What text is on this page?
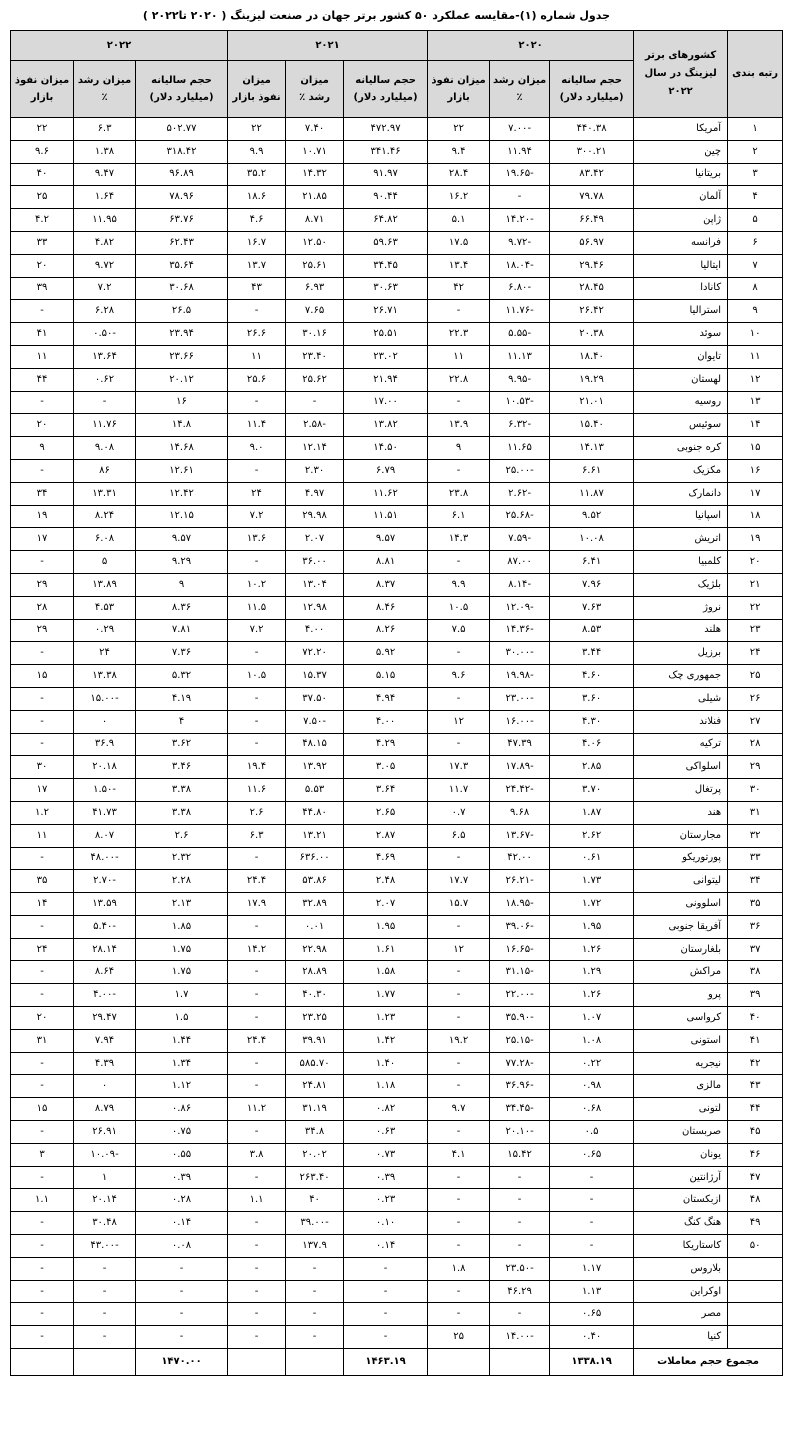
جدول شماره (۱)-مقایسه عملکرد ۵۰ کشور برتر جهان در صنعت لیزینگ ( ۲۰۲۰ تا۲۰۲۲ )
رتبه بندی	کشورهای برتر لیزینگ در سال ۲۰۲۲	۲۰۲۰			۲۰۲۱			۲۰۲۲		
		حجم سالیانه (میلیارد دلار)	میزان رشد ٪	میزان نفوذ بازار	حجم سالیانه (میلیارد دلار)	میزان رشد ٪	میزان نفوذ بازار	حجم سالیانه (میلیارد دلار)	میزان رشد ٪	میزان نفوذ بازار
۱	آمریکا	۴۴۰.۳۸	-۷.۰۰	۲۲	۴۷۲.۹۷	۷.۴۰	۲۲	۵۰۲.۷۷	۶.۳	۲۲
۲	چین	۳۰۰.۲۱	۱۱.۹۴	۹.۴	۳۴۱.۴۶	۱۰.۷۱	۹.۹	۳۱۸.۴۲	۱.۳۸	۹.۶
۳	بریتانیا	۸۳.۴۲	-۱۹.۶۵	۲۸.۴	۹۱.۹۷	۱۴.۳۲	۳۵.۲	۹۶.۸۹	۹.۴۷	۴۰
۴	آلمان	۷۹.۷۸	-	۱۶.۲	۹۰.۴۴	۲۱.۸۵	۱۸.۶	۷۸.۹۶	۱.۶۴	۲۵
۵	ژاپن	۶۶.۴۹	-۱۴.۲۰	۵.۱	۶۴.۸۲	۸.۷۱	۴.۶	۶۳.۷۶	۱۱.۹۵	۴.۲
۶	فرانسه	۵۶.۹۷	-۹.۷۲	۱۷.۵	۵۹.۶۳	۱۲.۵۰	۱۶.۷	۶۲.۴۳	۴.۸۲	۳۳
۷	ایتالیا	۲۹.۴۶	-۱۸.۰۴	۱۳.۴	۳۴.۴۵	۲۵.۶۱	۱۳.۷	۳۵.۶۴	۹.۷۲	۲۰
۸	کانادا	۲۸.۴۵	-۶.۸۰	۴۲	۳۰.۶۳	۶.۹۳	۴۳	۳۰.۶۸	۷.۲	۳۹
۹	استرالیا	۲۶.۴۲	-۱۱.۷۶	-	۲۶.۷۱	۷.۶۵	-	۲۶.۵	۶.۲۸	-
۱۰	سوئد	۲۰.۳۸	-۵.۵۵	۲۲.۳	۲۵.۵۱	۳۰.۱۶	۲۶.۶	۲۳.۹۴	-۰.۵۰	۴۱
۱۱	تایوان	۱۸.۴۰	۱۱.۱۳	۱۱	۲۳.۰۲	۲۳.۴۰	۱۱	۲۳.۶۶	۱۳.۶۴	۱۱
۱۲	لهستان	۱۹.۲۹	-۹.۹۵	۲۲.۸	۲۱.۹۴	۲۵.۶۲	۲۵.۶	۲۰.۱۲	۰.۶۲	۴۴
۱۳	روسیه	۲۱.۰۱	-۱۰.۵۳	-	۱۷.۰۰	-	-	۱۶	-	-
۱۴	سوئیس	۱۵.۴۰	-۶.۳۲	۱۳.۹	۱۳.۸۲	-۲.۵۸	۱۱.۴	۱۴.۸	۱۱.۷۶	۲۰
۱۵	کره جنوبی	۱۴.۱۳	۱۱.۶۵	۹	۱۴.۵۰	۱۲.۱۴	۹.۰	۱۴.۶۸	۹.۰۸	۹
۱۶	مکزیک	۶.۶۱	-۲۵.۰۰	-	۶.۷۹	۲.۳۰	-	۱۲.۶۱	۸۶	-
۱۷	دانمارک	۱۱.۸۷	-۲.۶۲	۲۳.۸	۱۱.۶۲	۴.۹۷	۲۴	۱۲.۴۲	۱۳.۳۱	۳۴
۱۸	اسپانیا	۹.۵۲	-۲۵.۶۸	۶.۱	۱۱.۵۱	۲۹.۹۸	۷.۲	۱۲.۱۵	۸.۲۴	۱۹
۱۹	اتریش	۱۰.۰۸	-۷.۵۹	۱۴.۳	۹.۵۷	۲.۰۷	۱۳.۶	۹.۵۷	۶.۰۸	۱۷
۲۰	کلمبیا	۶.۴۱	۸۷.۰۰	-	۸.۸۱	۳۶.۰۰	-	۹.۲۹	۵	-
۲۱	بلژیک	۷.۹۶	-۸.۱۴	۹.۹	۸.۳۷	۱۳.۰۴	۱۰.۲	۹	۱۳.۸۹	۲۹
۲۲	نروژ	۷.۶۳	-۱۲.۰۹	۱۰.۵	۸.۴۶	۱۲.۹۸	۱۱.۵	۸.۳۶	۴.۵۳	۲۸
۲۳	هلند	۸.۵۳	-۱۴.۳۶	۷.۵	۸.۲۶	۴.۰۰	۷.۲	۷.۸۱	۰.۲۹	۲۹
۲۴	برزیل	۳.۴۴	-۳۰.۰۰	-	۵.۹۲	۷۲.۲۰	-	۷.۳۶	۲۴	-
۲۵	جمهوری چک	۴.۶۰	-۱۹.۹۸	۹.۶	۵.۱۵	۱۵.۳۷	۱۰.۵	۵.۳۲	۱۳.۳۸	۱۵
۲۶	شیلی	۳.۶۰	-۲۳.۰۰	-	۴.۹۴	۳۷.۵۰	-	۴.۱۹	-۱۵.۰۰	-
۲۷	فنلاند	۴.۳۰	-۱۶.۰۰	۱۲	۴.۰۰	-۷.۵۰	-	۴	۰	-
۲۸	ترکیه	۴.۰۶	۴۷.۳۹	-	۴.۲۹	۴۸.۱۵	-	۳.۶۲	۳۶.۹	-
۲۹	اسلواکی	۲.۸۵	-۱۷.۸۹	۱۷.۳	۳.۰۵	۱۳.۹۲	۱۹.۴	۳.۴۶	۲۰.۱۸	۳۰
۳۰	پرتغال	۳.۷۰	-۲۴.۴۲	۱۱.۷	۳.۶۴	۵.۵۳	۱۱.۶	۳.۳۸	-۱.۵۰	۱۷
۳۱	هند	۱.۸۷	۹.۶۸	۰.۷	۲.۶۵	۴۴.۸۰	۲.۶	۳.۳۸	۴۱.۷۳	۱.۲
۳۲	مجارستان	۲.۶۲	-۱۳.۶۷	۶.۵	۲.۸۷	۱۳.۲۱	۶.۳	۲.۶	۸.۰۷	۱۱
۳۳	پورتوریکو	۰.۶۱	۴۲.۰۰	-	۴.۶۹	۶۳۶.۰۰	-	۲.۳۲	-۴۸.۰۰	-
۳۴	لیتوانی	۱.۷۳	-۲۶.۲۱	۱۷.۷	۲.۴۸	۵۳.۸۶	۲۴.۴	۲.۲۸	-۲.۷۰	۳۵
۳۵	اسلوونی	۱.۷۲	-۱۸.۹۵	۱۵.۷	۲.۰۷	۳۲.۸۹	۱۷.۹	۲.۱۳	۱۳.۵۹	۱۴
۳۶	آفریقا جنوبی	۱.۹۵	-۳۹.۰۶	-	۱.۹۵	۰.۰۱	-	۱.۸۵	-۵.۴۰	-
۳۷	بلغارستان	۱.۲۶	-۱۶.۶۵	۱۲	۱.۶۱	۲۲.۹۸	۱۴.۲	۱.۷۵	۲۸.۱۴	۲۴
۳۸	مراکش	۱.۲۹	-۳۱.۱۵	-	۱.۵۸	۲۸.۸۹	-	۱.۷۵	۸.۶۴	-
۳۹	پرو	۱.۲۶	-۲۲.۰۰	-	۱.۷۷	۴۰.۳۰	-	۱.۷	-۴.۰۰	-
۴۰	کرواسی	۱.۰۷	-۳۵.۹۰	-	۱.۲۳	۲۳.۲۵	-	۱.۵	۲۹.۴۷	۲۰
۴۱	استونی	۱.۰۸	-۲۵.۱۵	۱۹.۲	۱.۴۲	۳۹.۹۱	۲۴.۴	۱.۴۴	۷.۹۴	۳۱
۴۲	نیجریه	۰.۲۲	-۷۷.۲۸	-	۱.۴۰	۵۸۵.۷۰	-	۱.۳۴	۴.۳۹	-
۴۳	مالزی	۰.۹۸	-۳۶.۹۶	-	۱.۱۸	۲۴.۸۱	-	۱.۱۲	۰	-
۴۴	لتونی	۰.۶۸	-۳۴.۴۵	۹.۷	۰.۸۲	۳۱.۱۹	۱۱.۲	۰.۸۶	۸.۷۹	۱۵
۴۵	صربستان	۰.۵	-۲۰.۱۰	-	۰.۶۳	۳۴.۸	-	۰.۷۵	۲۶.۹۱	-
۴۶	یونان	۰.۶۵	۱۵.۴۲	۴.۱	۰.۷۳	۲۰.۰۲	۳.۸	۰.۵۵	-۱۰.۰۹	۳
۴۷	آرژانتین	-	-	-	۰.۳۹	۲۶۳.۴۰	-	۰.۳۹	۱	-
۴۸	ازبکستان	-	-	-	۰.۲۳	۴۰	۱.۱	۰.۲۸	۲۰.۱۴	۱.۱
۴۹	هنگ کنگ	-	-	-	۰.۱۰	-۳۹.۰۰	-	۰.۱۴	۳۰.۴۸	-
۵۰	کاستاریکا	-	-	-	۰.۱۴	۱۳۷.۹	-	۰.۰۸	-۴۳.۰۰	-
	بلاروس	۱.۱۷	-۲۳.۵۰	۱.۸	-	-	-	-	-	-
	اوکراین	۱.۱۳	۴۶.۲۹	-	-	-	-	-	-	-
	مصر	۰.۶۵	-	-	-	-	-	-	-	-
	کنیا	۰.۴۰	-۱۴.۰۰	۲۵	-	-	-	-	-	-
مجموع حجم معاملات		۱۳۳۸.۱۹			۱۴۶۳.۱۹			۱۴۷۰.۰۰		
